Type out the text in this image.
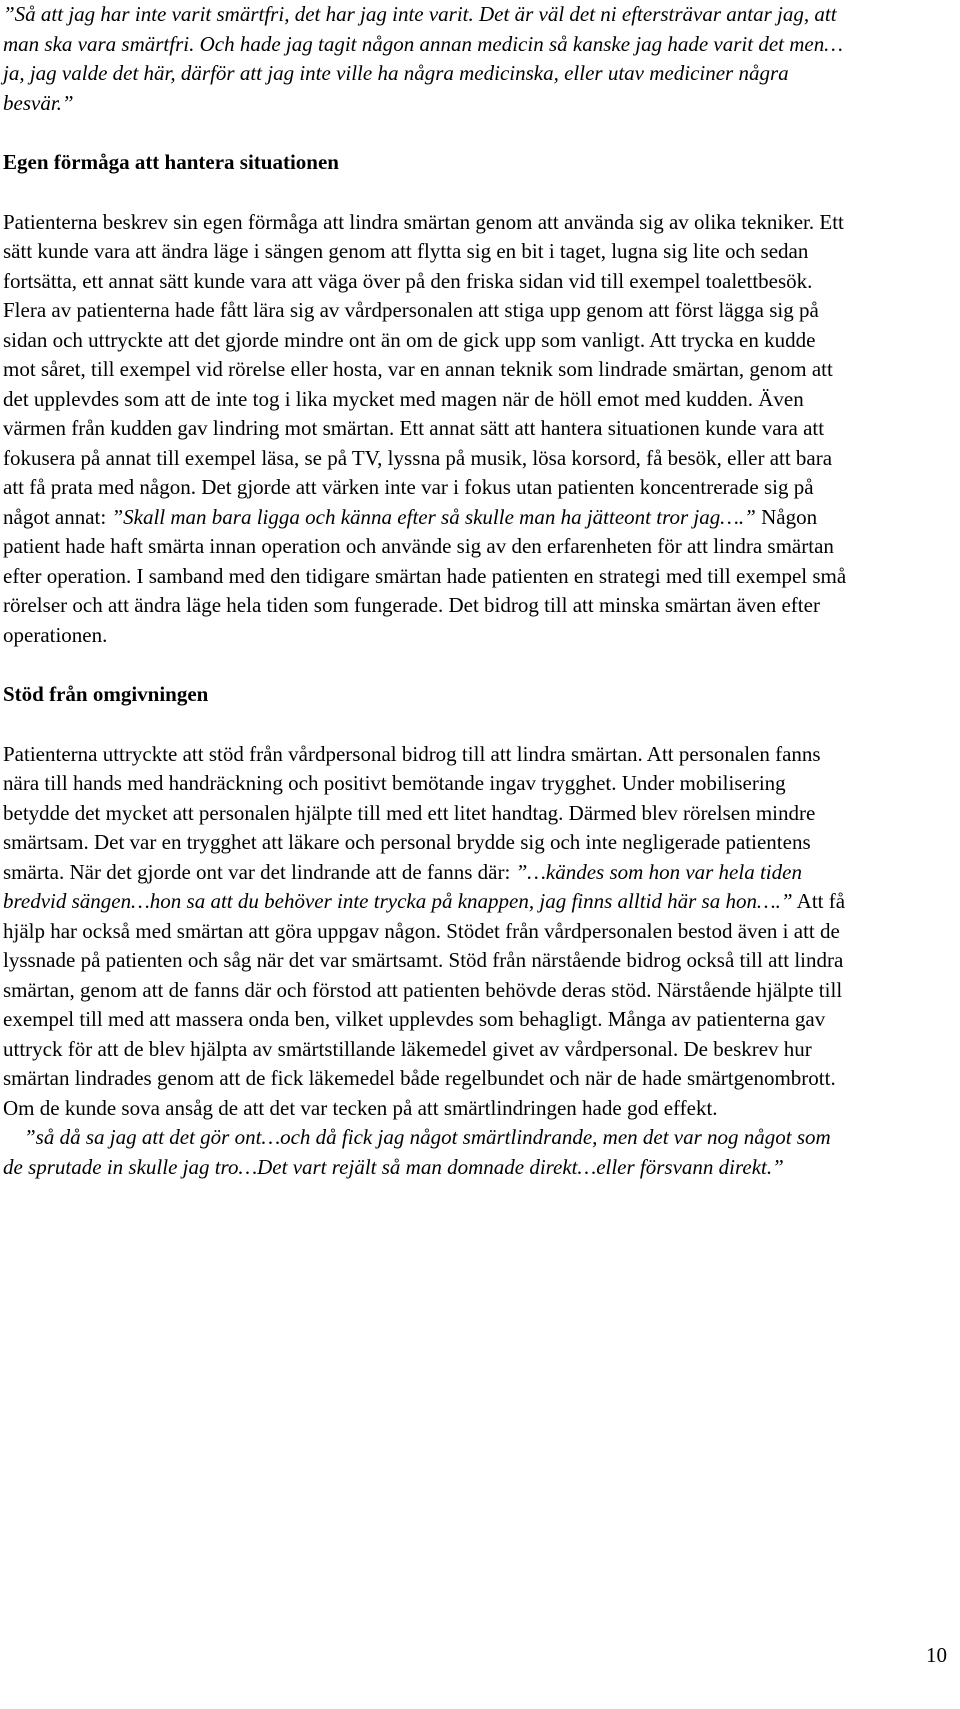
”Så att jag har inte varit smärtfri, det har jag inte varit. Det är väl det ni eftersträvar antar jag, att man ska vara smärtfri. Och hade jag tagit någon annan medicin så kanske jag hade varit det men… ja, jag valde det här, därför att jag inte ville ha några medicinska, eller utav mediciner några besvär.”

Egen förmåga att hantera situationen

Patienterna beskrev sin egen förmåga att lindra smärtan genom att använda sig av olika tekniker. Ett sätt kunde vara att ändra läge i sängen genom att flytta sig en bit i taget, lugna sig lite och sedan fortsätta, ett annat sätt kunde vara att väga över på den friska sidan vid till exempel toalettbesök. Flera av patienterna hade fått lära sig av vårdpersonalen att stiga upp genom att först lägga sig på sidan och uttryckte att det gjorde mindre ont än om de gick upp som vanligt. Att trycka en kudde mot såret, till exempel vid rörelse eller hosta, var en annan teknik som lindrade smärtan, genom att det upplevdes som att de inte tog i lika mycket med magen när de höll emot med kudden. Även värmen från kudden gav lindring mot smärtan. Ett annat sätt att hantera situationen kunde vara att fokusera på annat till exempel läsa, se på TV, lyssna på musik, lösa korsord, få besök, eller att bara att få prata med någon. Det gjorde att värken inte var i fokus utan patienten koncentrerade sig på något annat: ”Skall man bara ligga och känna efter så skulle man ha jätteont tror jag….” Någon patient hade haft smärta innan operation och använde sig av den erfarenheten för att lindra smärtan efter operation. I samband med den tidigare smärtan hade patienten en strategi med till exempel små rörelser och att ändra läge hela tiden som fungerade. Det bidrog till att minska smärtan även efter operationen.

Stöd från omgivningen

Patienterna uttryckte att stöd från vårdpersonal bidrog till att lindra smärtan. Att personalen fanns nära till hands med handräckning och positivt bemötande ingav trygghet. Under mobilisering betydde det mycket att personalen hjälpte till med ett litet handtag. Därmed blev rörelsen mindre smärtsam. Det var en trygghet att läkare och personal brydde sig och inte negligerade patientens smärta. När det gjorde ont var det lindrande att de fanns där: ”…kändes som hon var hela tiden bredvid sängen…hon sa att du behöver inte trycka på knappen, jag finns alltid här sa hon….” Att få hjälp har också med smärtan att göra uppgav någon. Stödet från vårdpersonalen bestod även i att de lyssnade på patienten och såg när det var smärtsamt. Stöd från närstående bidrog också till att lindra smärtan, genom att de fanns där och förstod att patienten behövde deras stöd. Närstående hjälpte till exempel till med att massera onda ben, vilket upplevdes som behagligt. Många av patienterna gav uttryck för att de blev hjälpta av smärtstillande läkemedel givet av vårdpersonal. De beskrev hur smärtan lindrades genom att de fick läkemedel både regelbundet och när de hade smärtgenombrott. Om de kunde sova ansåg de att det var tecken på att smärtlindringen hade god effekt.

”så då sa jag att det gör ont…och då fick jag något smärtlindrande, men det var nog något som de sprutade in skulle jag tro…Det vart rejält så man domnade direkt…eller försvann direkt.”

10
